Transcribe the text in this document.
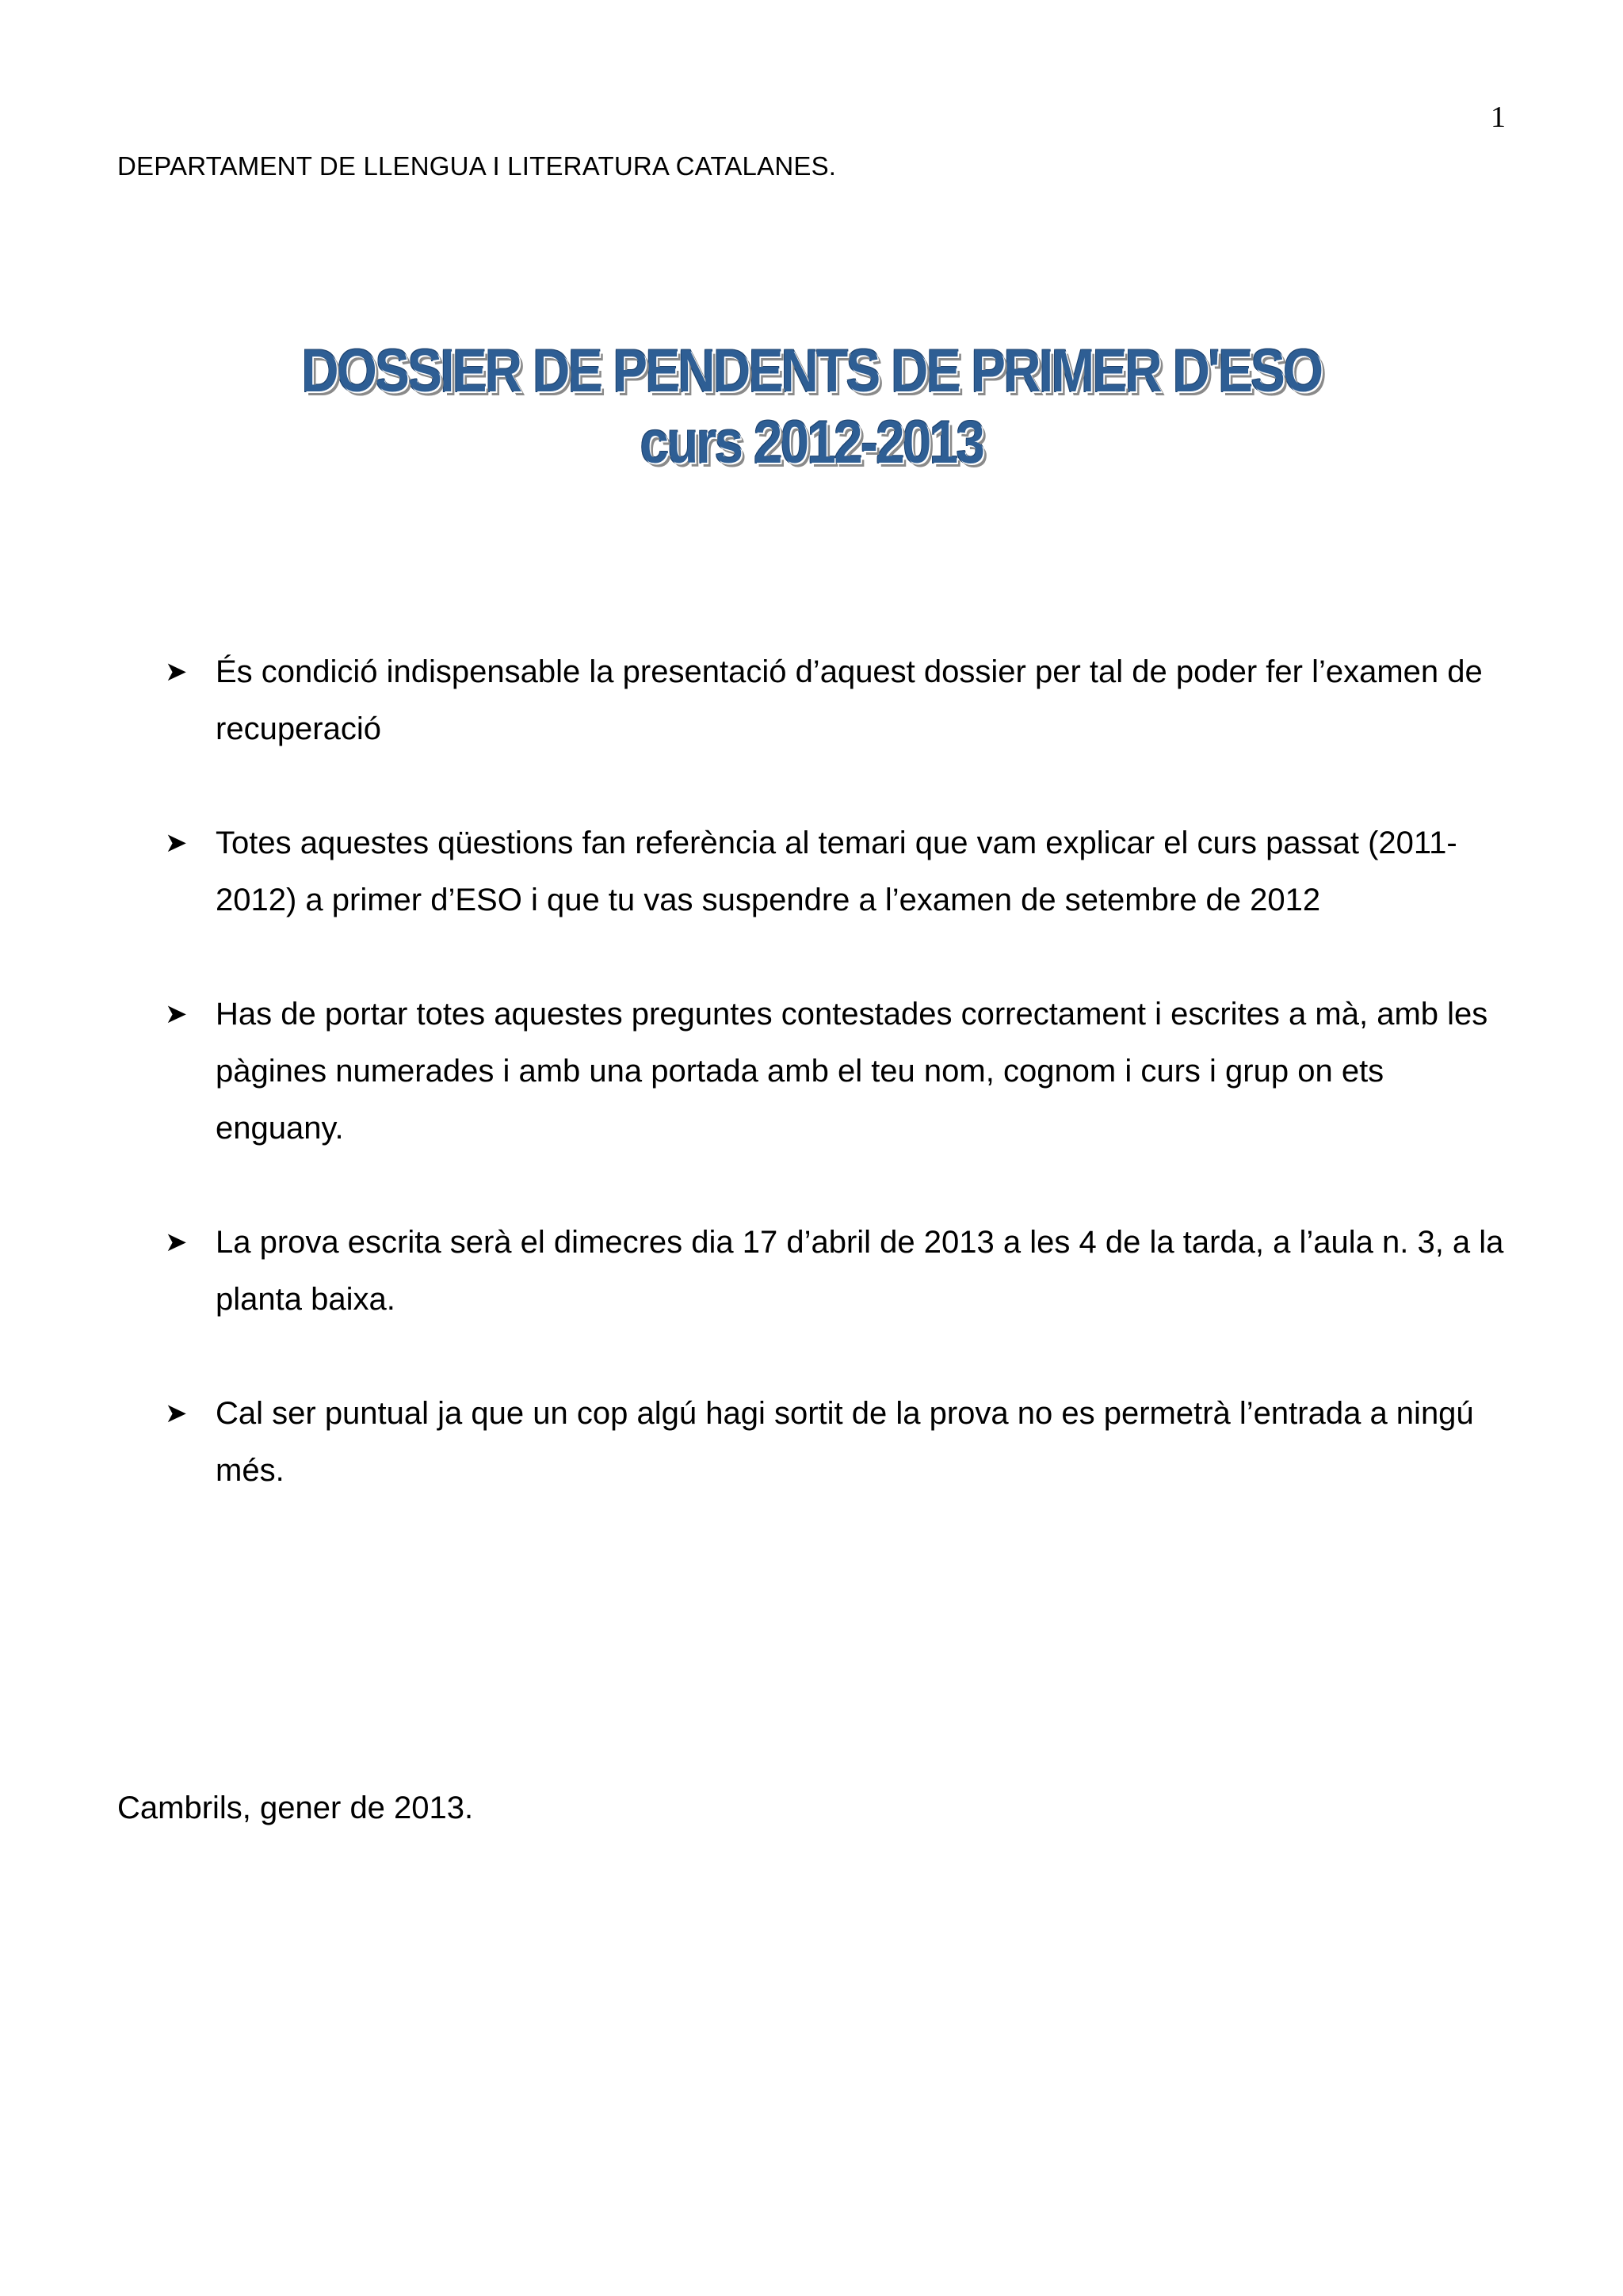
1
DEPARTAMENT DE LLENGUA I LITERATURA CATALANES.
DOSSIER DE PENDENTS DE PRIMER D'ESO
curs 2012-2013
➤ És condició indispensable la presentació d’aquest dossier per tal de poder fer l’examen de recuperació
➤ Totes aquestes qüestions fan referència al temari que vam explicar el curs passat (2011-2012) a primer d’ESO i que tu vas suspendre a l’examen de setembre de 2012
➤ Has de portar totes aquestes preguntes contestades correctament i escrites a mà, amb les pàgines numerades i amb una portada amb el teu nom, cognom i curs i grup on ets enguany.
➤ La prova escrita serà el dimecres dia 17 d’abril de 2013 a les 4 de la tarda, a l’aula n. 3, a la planta baixa.
➤ Cal ser puntual ja que un cop algú hagi sortit de la prova no es permetrà l’entrada a ningú més.
Cambrils, gener de 2013.
